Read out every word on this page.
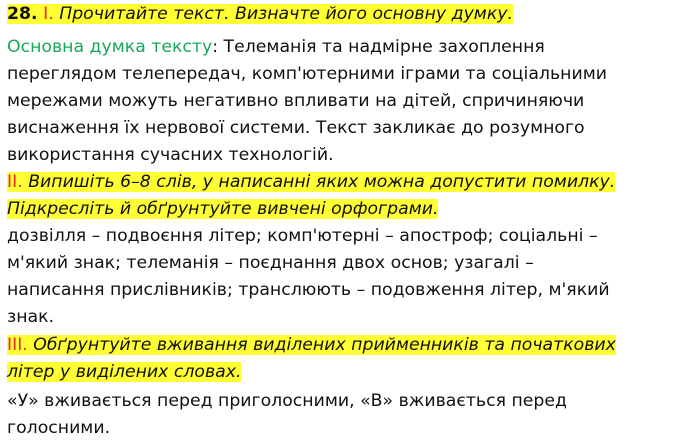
28. I. Прочитайте текст. Визначте його основну думку.
Основна думка тексту: Телеманія та надмірне захоплення
переглядом телепередач, комп'ютерними іграми та соціальними
мережами можуть негативно впливати на дітей, спричиняючи
виснаження їх нервової системи. Текст закликає до розумного
використання сучасних технологій.
II. Випишіть 6–8 слів, у написанні яких можна допустити помилку.
Підкресліть й обґрунтуйте вивчені орфограми.
дозвілля – подвоєння літер; комп'ютерні – апостроф; соціальні –
м'який знак; телеманія – поєднання двох основ; узагалі –
написання прислівників; транслюють – подовження літер, м'який
знак.
III. Обґрунтуйте вживання виділених прийменників та початкових
літер у виділених словах.
«У» вживається перед приголосними, «В» вживається перед
голосними.
